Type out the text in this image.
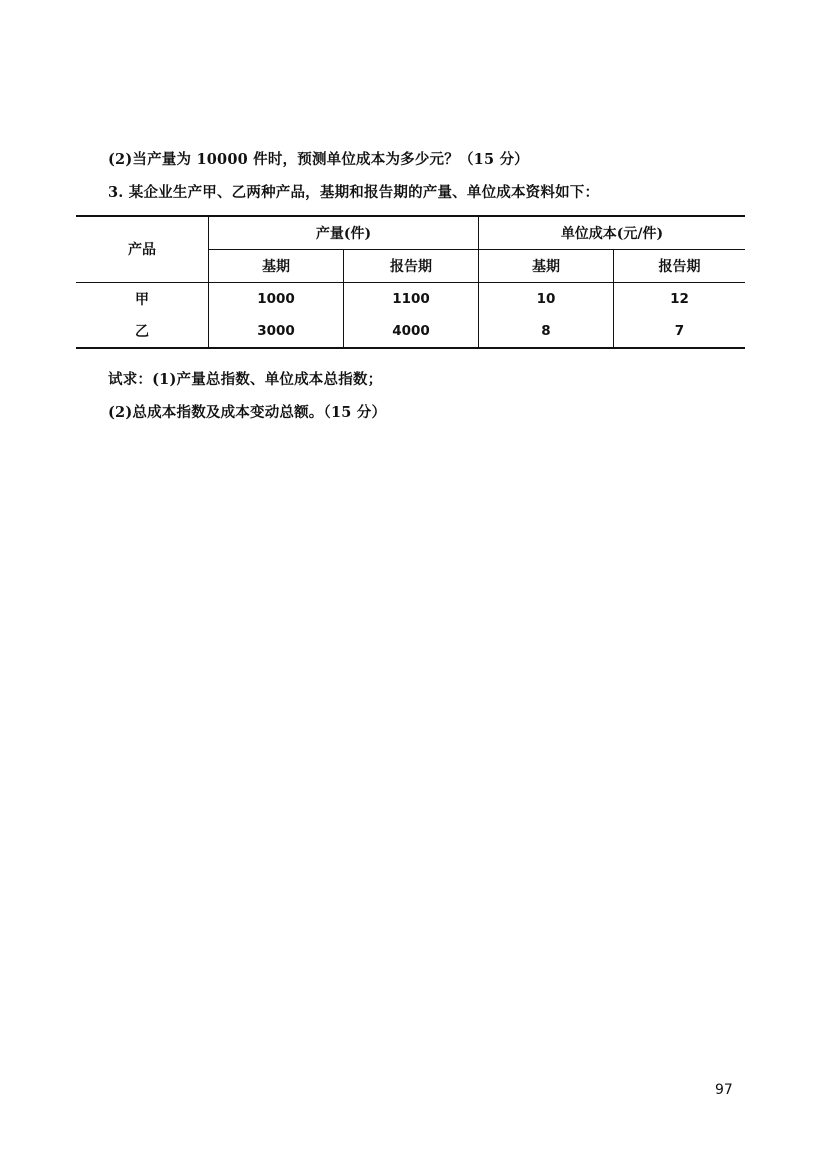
(2)当产量为 10000 件时，预测单位成本为多少元？（15 分）
3. 某企业生产甲、乙两种产品，基期和报告期的产量、单位成本资料如下：
产品	产量(件)		单位成本(元/件)	
	基期	报告期	基期	报告期
甲	1000	1100	10	12
乙	3000	4000	8	7
试求：(1)产量总指数、单位成本总指数；
(2)总成本指数及成本变动总额。（15 分）
97
